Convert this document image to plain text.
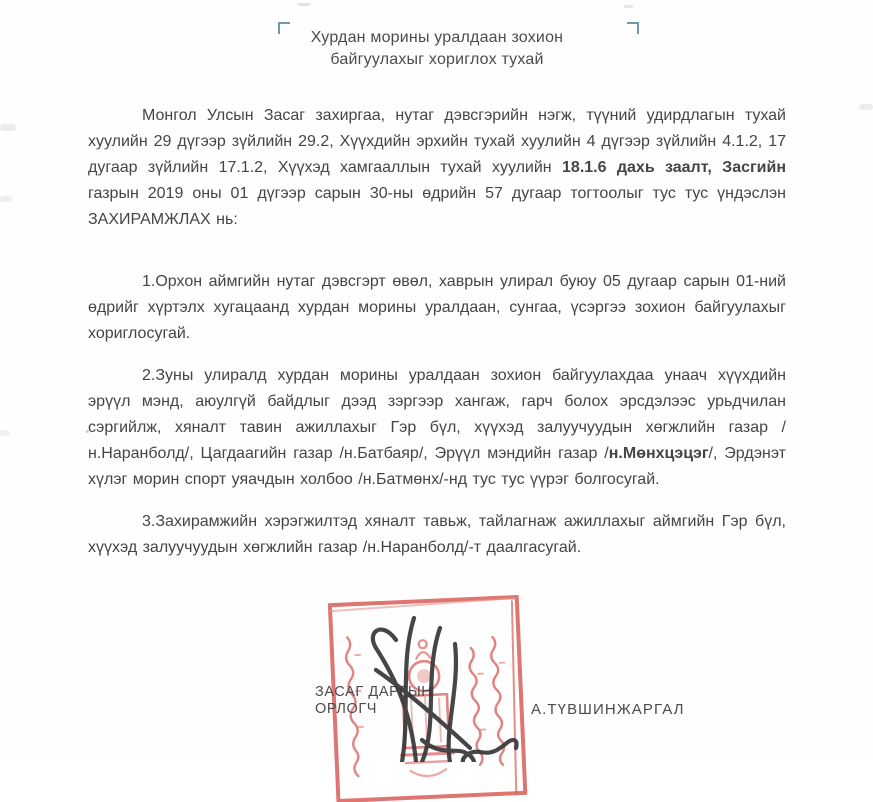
Хурдан морины уралдаан зохион
байгуулахыг хориглох тухай

Монгол Улсын Засаг захиргаа, нутаг дэвсгэрийн нэгж, түүний удирдлагын тухай хуулийн 29 дүгээр зүйлийн 29.2, Хүүхдийн эрхийн тухай хуулийн 4 дүгээр зүйлийн 4.1.2, 17 дугаар зүйлийн 17.1.2, Хүүхэд хамгааллын тухай хуулийн 18.1.6 дахь заалт, Засгийн газрын 2019 оны 01 дүгээр сарын 30-ны өдрийн 57 дугаар тогтоолыг тус тус үндэслэн ЗАХИРАМЖЛАХ нь:

1.Орхон аймгийн нутаг дэвсгэрт өвөл, хаврын улирал буюу 05 дугаар сарын 01-ний өдрийг хүртэлх хугацаанд хурдан морины уралдаан, сунгаа, үсэргээ зохион байгуулахыг хориглосугай.

2.Зуны улиралд хурдан морины уралдаан зохион байгуулахдаа унаач хүүхдийн эрүүл мэнд, аюулгүй байдлыг дээд зэргээр хангаж, гарч болох эрсдэлээс урьдчилан сэргийлж, хяналт тавин ажиллахыг Гэр бүл, хүүхэд залуучуудын хөгжлийн газар /н.Наранболд/, Цагдаагийн газар /н.Батбаяр/, Эрүүл мэндийн газар /н.Мөнхцэцэг/, Эрдэнэт хүлэг морин спорт уяачдын холбоо /н.Батмөнх/-нд тус тус үүрэг болгосугай.

3.Захирамжийн хэрэгжилтэд хяналт тавьж, тайлагнаж ажиллахыг аймгийн Гэр бүл, хүүхэд залуучуудын хөгжлийн газар /н.Наранболд/-т даалгасугай.

ЗАСАГ ДАРГЫН
ОРЛОГЧ	А.ТҮВШИНЖАРГАЛ
